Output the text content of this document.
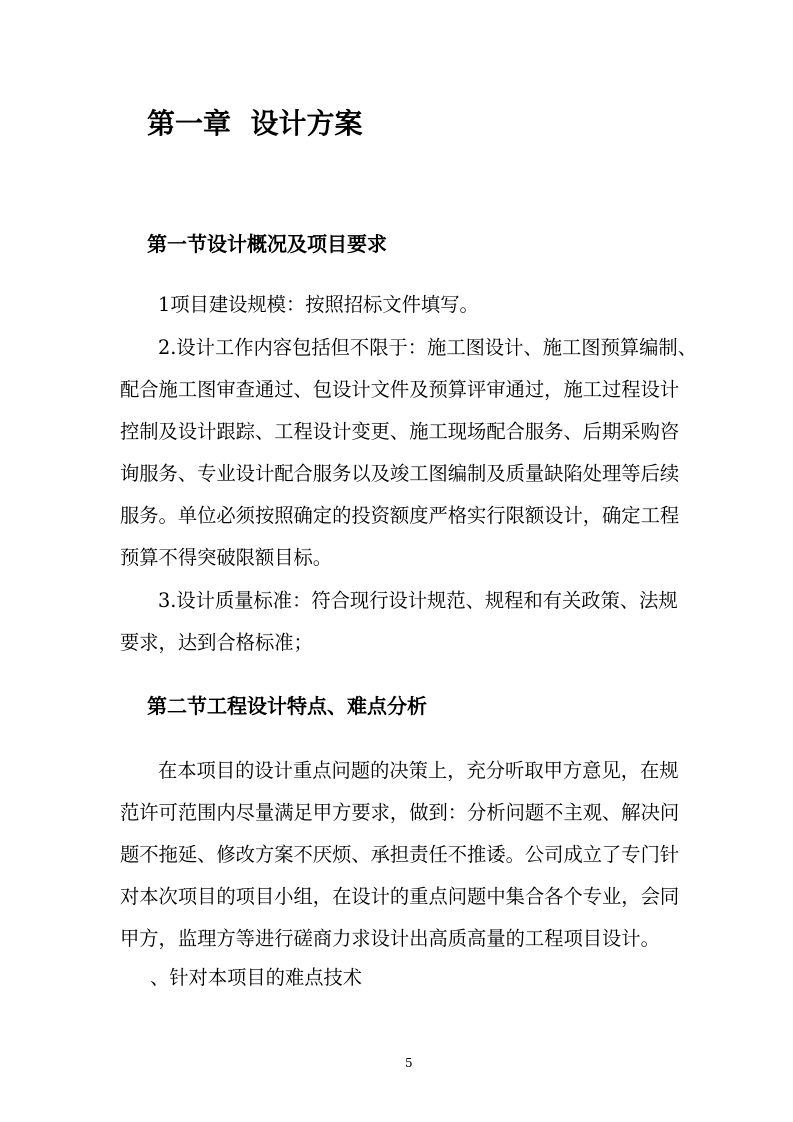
第一章  设计方案
第一节设计概况及项目要求
1项目建设规模：按照招标文件填写。
2.设计工作内容包括但不限于：施工图设计、施工图预算编制、
配合施工图审查通过、包设计文件及预算评审通过，施工过程设计
控制及设计跟踪、工程设计变更、施工现场配合服务、后期采购咨
询服务、专业设计配合服务以及竣工图编制及质量缺陷处理等后续
服务。单位必须按照确定的投资额度严格实行限额设计，确定工程
预算不得突破限额目标。
3.设计质量标准：符合现行设计规范、规程和有关政策、法规
要求，达到合格标准；
第二节工程设计特点、难点分析
在本项目的设计重点问题的决策上，充分听取甲方意见，在规
范许可范围内尽量满足甲方要求，做到：分析问题不主观、解决问
题不拖延、修改方案不厌烦、承担责任不推诿。公司成立了专门针
对本次项目的项目小组，在设计的重点问题中集合各个专业，会同
甲方，监理方等进行磋商力求设计出高质高量的工程项目设计。
、针对本项目的难点技术
5
